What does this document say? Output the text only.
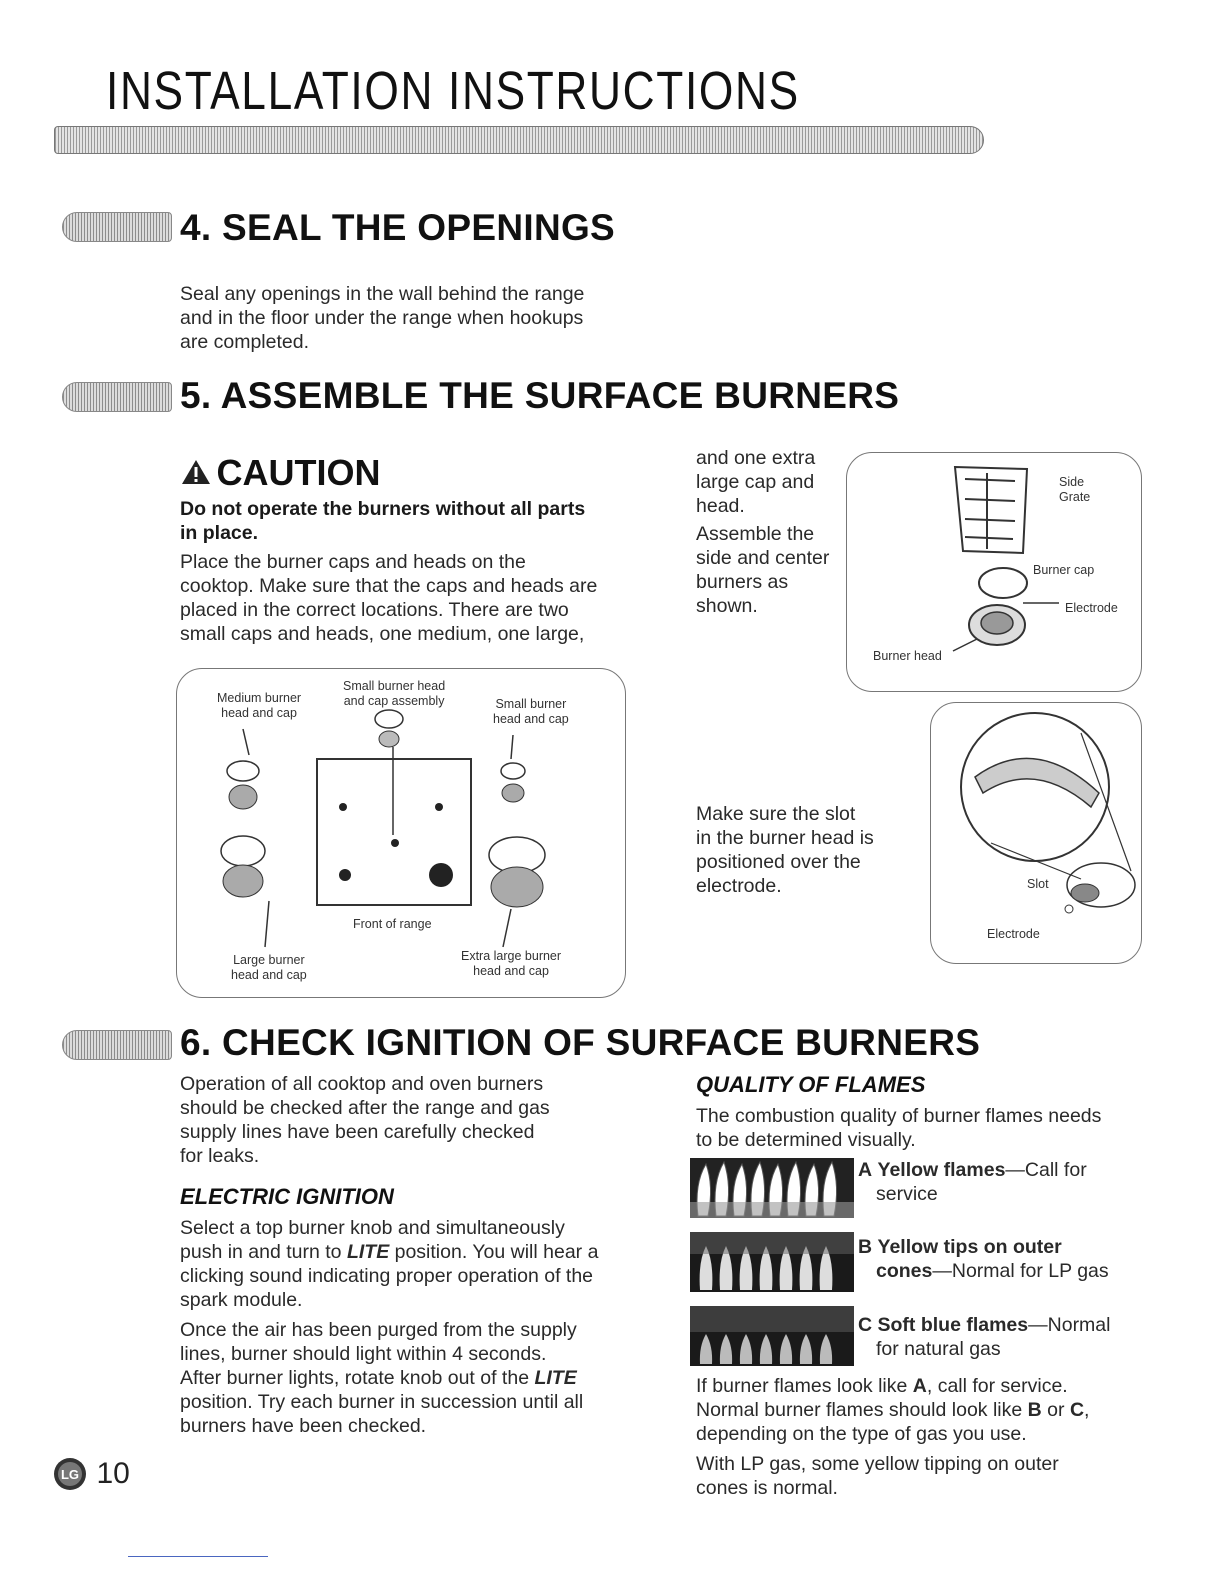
INSTALLATION INSTRUCTIONS
4. SEAL THE OPENINGS
Seal any openings in the wall behind the range
and in the floor under the range when hookups
are completed.
5. ASSEMBLE THE SURFACE BURNERS
CAUTION
Do not operate the burners without all parts
in place.
Place the burner caps and heads on the
cooktop. Make sure that the caps and heads are
placed in the correct locations. There are two
small caps and heads, one medium, one large,
and one extra
large cap and
head.
Assemble the
side and center
burners as
shown.
Side
Grate
Burner cap
Electrode
Burner head
Small burner head
and cap assembly
Medium burner
head and cap
Small burner
head and cap
Front of range
Large burner
head and cap
Extra large burner
head and cap
Make sure the slot
in the burner head is
positioned over the
electrode.	Slot
Electrode
6. CHECK IGNITION OF SURFACE BURNERS
Operation of all cooktop and oven burners
should be checked after the range and gas
supply lines have been carefully checked
for leaks.
ELECTRIC IGNITION
Select a top burner knob and simultaneously
push in and turn to LITE position. You will hear a
clicking sound indicating proper operation of the
spark module.
Once the air has been purged from the supply
lines, burner should light within 4 seconds.
After burner lights, rotate knob out of the LITE
position. Try each burner in succession until all
burners have been checked.
QUALITY OF FLAMES
The combustion quality of burner flames needs
to be determined visually.
A Yellow flames—Call for
service
B Yellow tips on outer
cones—Normal for LP gas
C Soft blue flames—Normal
for natural gas
If burner flames look like A, call for service.
Normal burner flames should look like B or C,
depending on the type of gas you use.
With LP gas, some yellow tipping on outer
cones is normal.
LG 10
